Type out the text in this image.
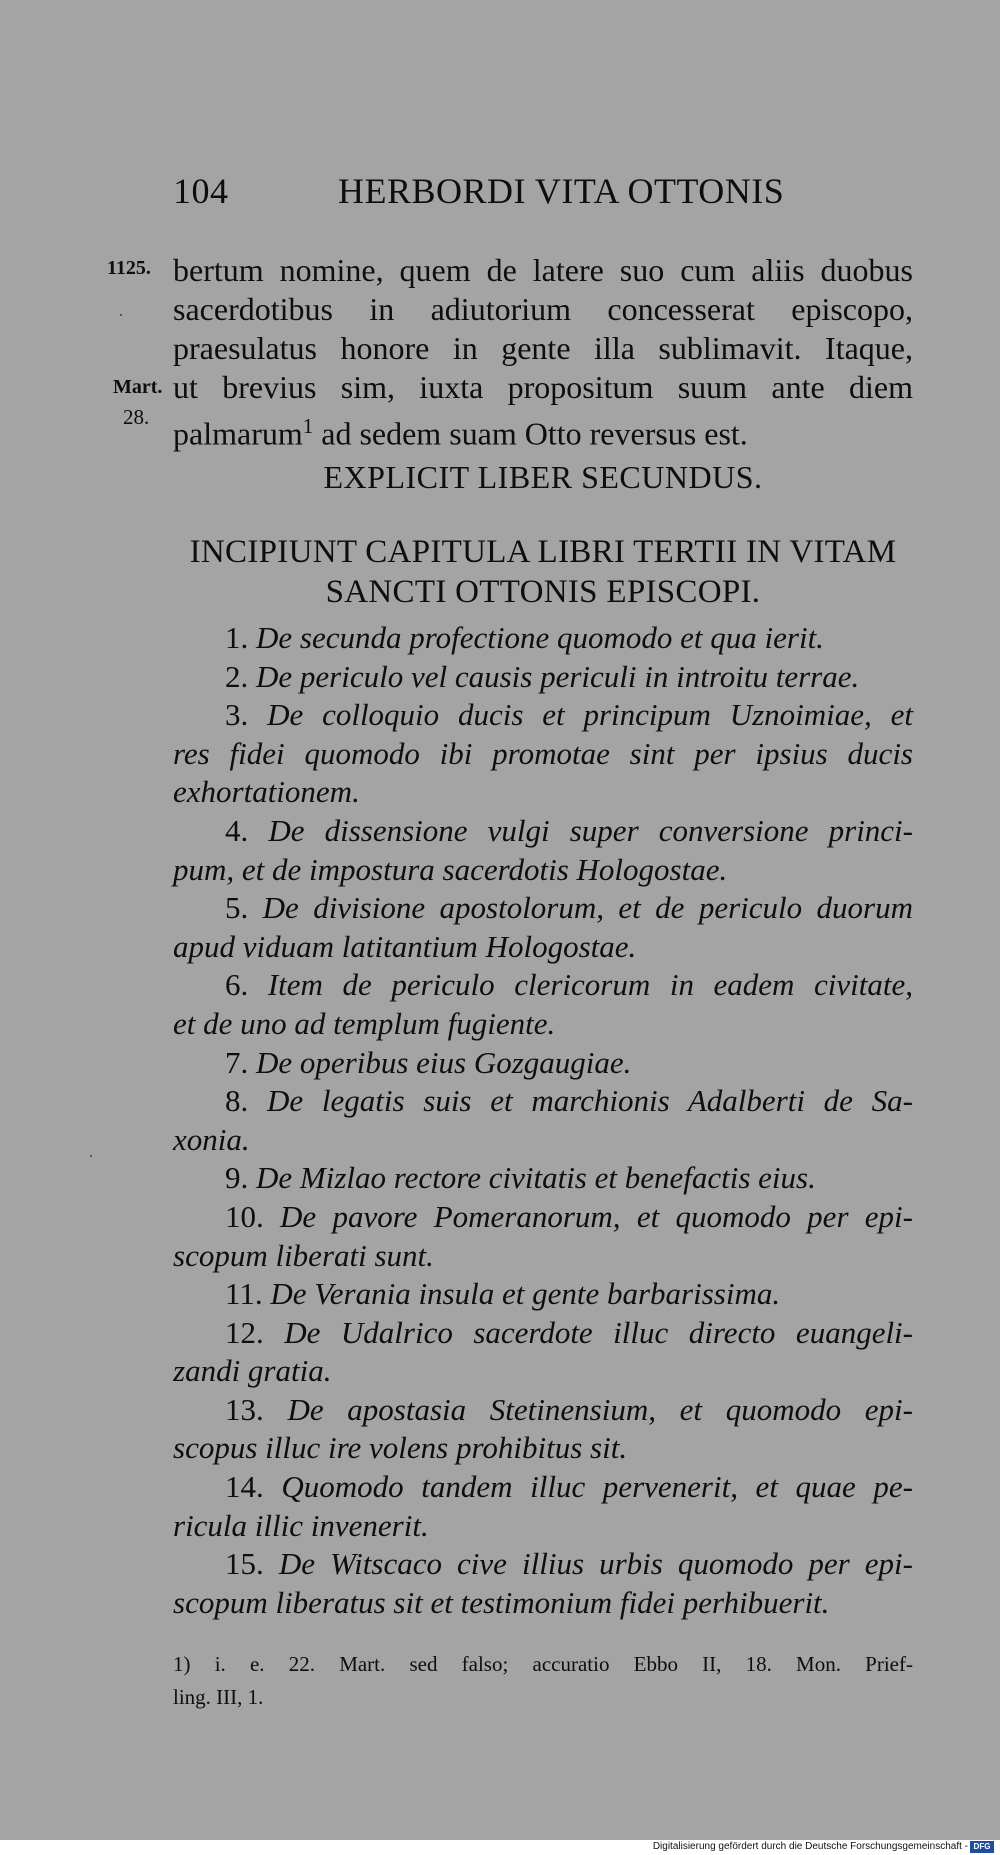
104	HERBORDI VITA OTTONIS
1125.
Mart.
28.
bertum nomine, quem de latere suo cum aliis duobus
sacerdotibus in adiutorium concesserat episcopo,
praesulatus honore in gente illa sublimavit. Itaque,
ut brevius sim, iuxta propositum suum ante diem
palmarum$^1$ ad sedem suam Otto reversus est.
EXPLICIT LIBER SECUNDUS.
INCIPIUNT CAPITULA LIBRI TERTII IN VITAM
SANCTI OTTONIS EPISCOPI.
1. De secunda profectione quomodo et qua ierit.
2. De periculo vel causis periculi in introitu terrae.
3. De colloquio ducis et principum Uznoimiae, et
res fidei quomodo ibi promotae sint per ipsius ducis
exhortationem.
4. De dissensione vulgi super conversione princi-
pum, et de impostura sacerdotis Hologostae.
5. De divisione apostolorum, et de periculo duorum
apud viduam latitantium Hologostae.
6. Item de periculo clericorum in eadem civitate,
et de uno ad templum fugiente.
7. De operibus eius Gozgaugiae.
8. De legatis suis et marchionis Adalberti de Sa-
xonia.
9. De Mizlao rectore civitatis et benefactis eius.
10. De pavore Pomeranorum, et quomodo per epi-
scopum liberati sunt.
11. De Verania insula et gente barbarissima.
12. De Udalrico sacerdote illuc directo euangeli-
zandi gratia.
13. De apostasia Stetinensium, et quomodo epi-
scopus illuc ire volens prohibitus sit.
14. Quomodo tandem illuc pervenerit, et quae pe-
ricula illic invenerit.
15. De Witscaco cive illius urbis quomodo per epi-
scopum liberatus sit et testimonium fidei perhibuerit.
1) i. e. 22. Mart. sed falso; accuratio Ebbo II, 18. Mon. Prief-
ling. III, 1.
Digitalisierung gefördert durch die Deutsche Forschungsgemeinschaft - DFG
